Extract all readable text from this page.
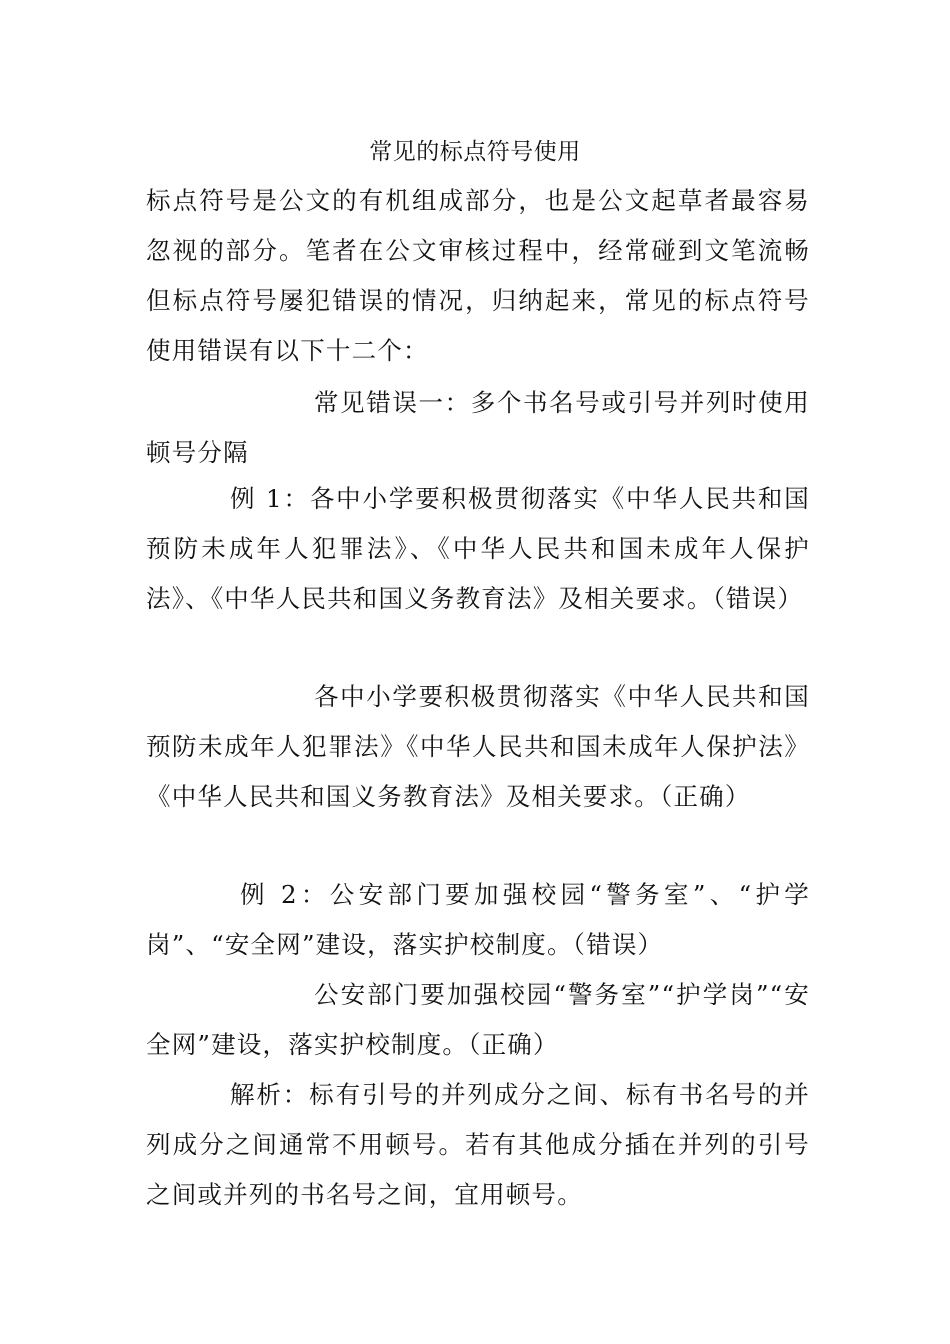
常见的标点符号使用
标点符号是公文的有机组成部分，也是公文起草者最容易忽视的部分。笔者在公文审核过程中，经常碰到文笔流畅但标点符号屡犯错误的情况，归纳起来，常见的标点符号使用错误有以下十二个：
常见错误一：多个书名号或引号并列时使用顿号分隔
例 1：各中小学要积极贯彻落实《中华人民共和国预防未成年人犯罪法》、《中华人民共和国未成年人保护法》、《中华人民共和国义务教育法》及相关要求。（错误）
各中小学要积极贯彻落实《中华人民共和国预防未成年人犯罪法》《中华人民共和国未成年人保护法》《中华人民共和国义务教育法》及相关要求。（正确）
例 2：公安部门要加强校园“警务室”、“护学岗”、“安全网”建设，落实护校制度。（错误）
公安部门要加强校园“警务室”“护学岗”“安全网”建设，落实护校制度。（正确）
解析：标有引号的并列成分之间、标有书名号的并列成分之间通常不用顿号。若有其他成分插在并列的引号之间或并列的书名号之间，宜用顿号。
